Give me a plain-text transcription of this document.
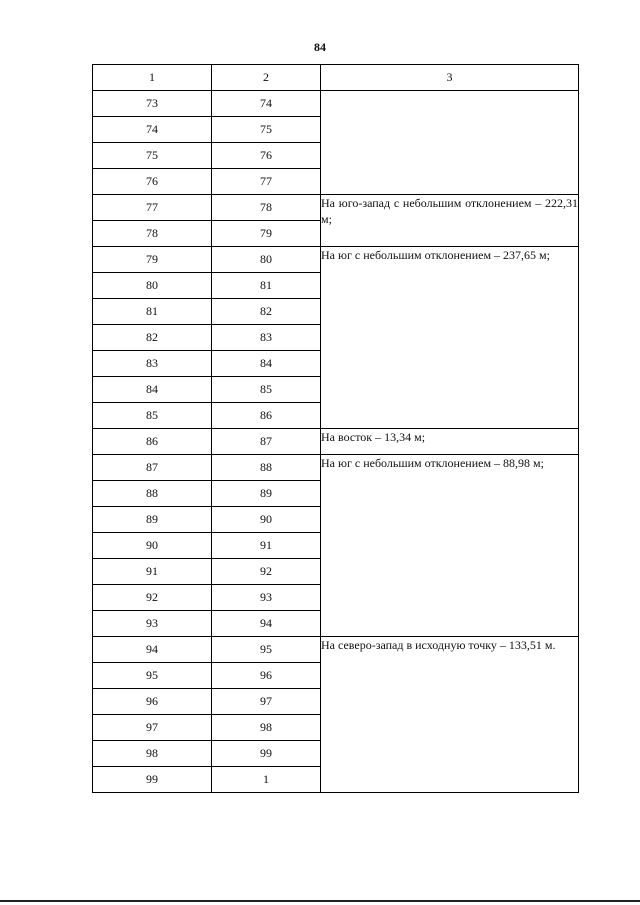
84
1	2	3
73	74	
74	75	
75	76	
76	77	
77	78	На юго-запад с небольшим отклонением – 222,31 м;
78	79	
79	80	На юг с небольшим отклонением – 237,65 м;
80	81	
81	82	
82	83	
83	84	
84	85	
85	86	
86	87	На восток – 13,34 м;
87	88	На юг с небольшим отклонением – 88,98 м;
88	89	
89	90	
90	91	
91	92	
92	93	
93	94	
94	95	На северо-запад в исходную точку – 133,51 м.
95	96	
96	97	
97	98	
98	99	
99	1	
